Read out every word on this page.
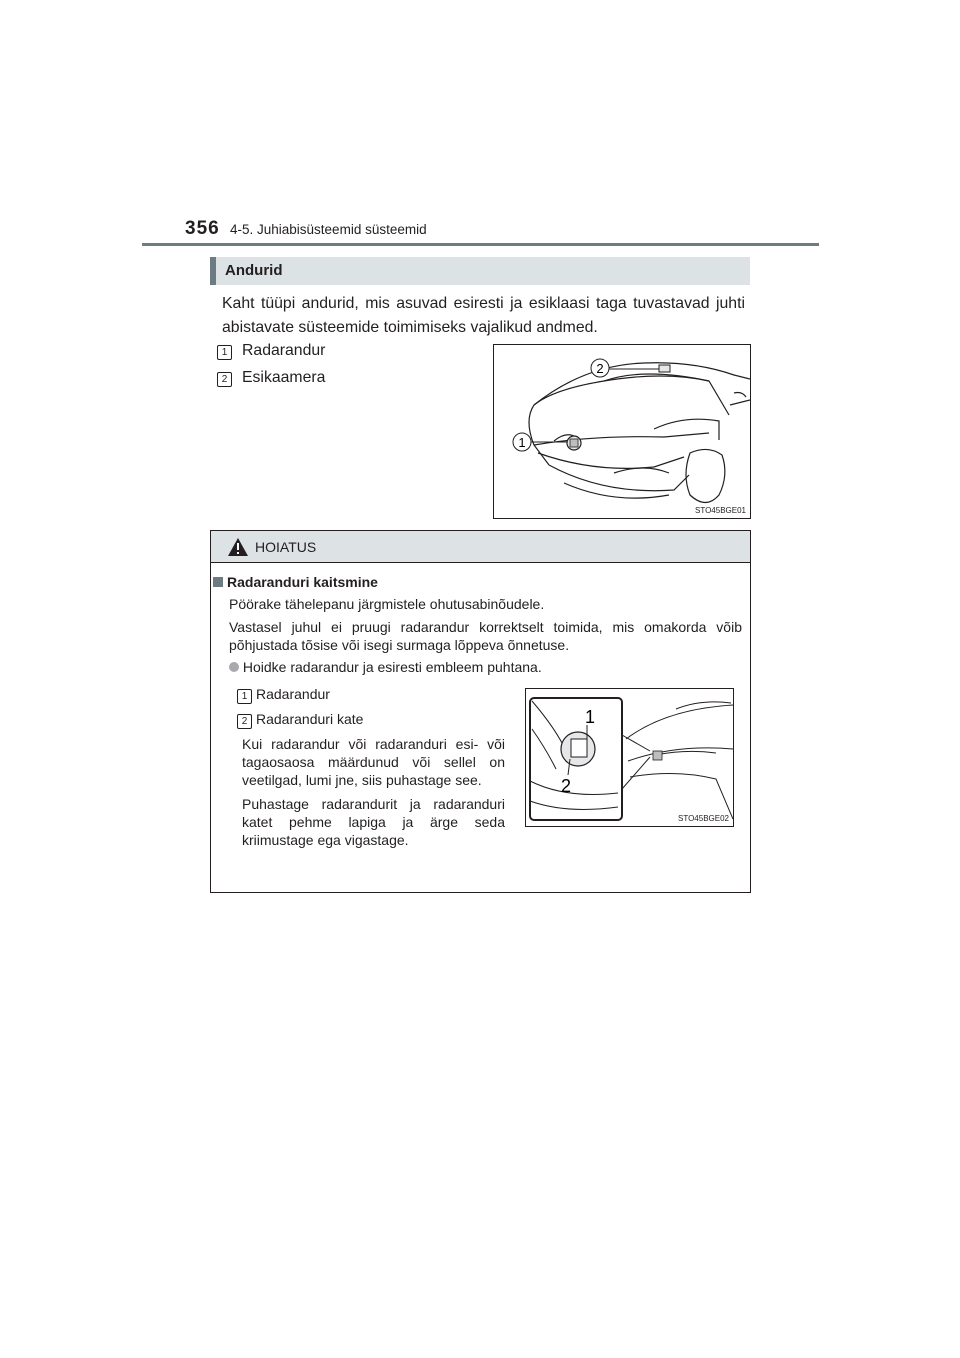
356 4-5. Juhiabisüsteemid süsteemid
Andurid
Kaht tüüpi andurid, mis asuvad esiresti ja esiklaasi taga tuvastavad juhti abistavate süsteemide toimimiseks vajalikud andmed.
1 Radarandur
2 Esikaamera
2
1
STO45BGE01
HOIATUS
Radaranduri kaitsmine
Pöörake tähelepanu järgmistele ohutusabinõudele.
Vastasel juhul ei pruugi radarandur korrektselt toimida, mis omakorda võib põhjustada tõsise või isegi surmaga lõppeva õnnetuse.
Hoidke radarandur ja esiresti embleem puhtana.
1 Radarandur
2 Radaranduri kate
Kui radarandur või radaranduri esi- või tagaosaosa määrdunud või sellel on veetilgad, lumi jne, siis puhastage see.
Puhastage radarandurit ja radaranduri katet pehme lapiga ja ärge seda kriimustage ega vigastage.
1
2
STO45BGE02
